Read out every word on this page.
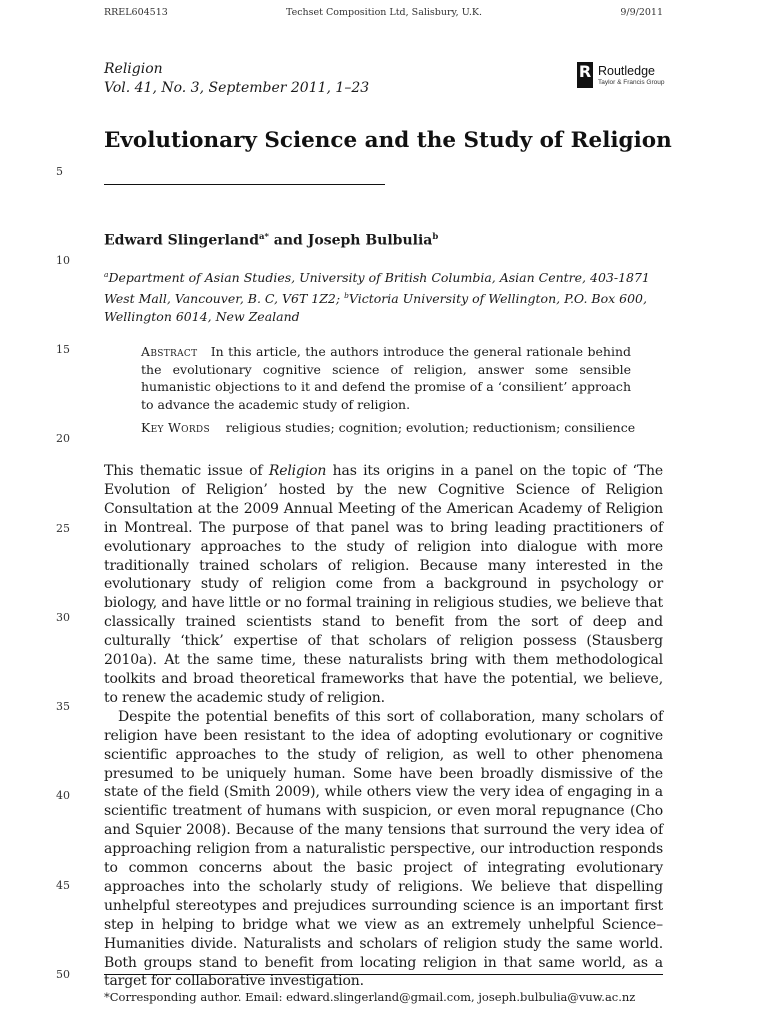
RREL604513	Techset Composition Ltd, Salisbury, U.K.	9/9/2011
Religion
Vol. 41, No. 3, September 2011, 1–23
R Routledge
Taylor & Francis Group
Evolutionary Science and the Study of Religion
Edward Slingerland$^{a*}$ and Joseph Bulbulia$^b$
$^a$Department of Asian Studies, University of British Columbia, Asian Centre, 403-1871 West Mall, Vancouver, B. C, V6T 1Z2; $^b$Victoria University of Wellington, P.O. Box 600, Wellington 6014, New Zealand
Abstract In this article, the authors introduce the general rationale behind the evolutionary cognitive science of religion, answer some sensible humanistic objections to it and defend the promise of a ‘consilient’ approach to advance the academic study of religion.
Key Words religious studies; cognition; evolution; reductionism; consilience

This thematic issue of Religion has its origins in a panel on the topic of ‘The Evolution of Religion’ hosted by the new Cognitive Science of Religion Consultation at the 2009 Annual Meeting of the American Academy of Religion in Montreal. The purpose of that panel was to bring leading practitioners of evolutionary approaches to the study of religion into dialogue with more traditionally trained scholars of religion. Because many interested in the evolutionary study of religion come from a background in psychology or biology, and have little or no formal training in religious studies, we believe that classically trained scientists stand to benefit from the sort of deep and culturally ‘thick’ expertise of that scholars of religion possess (Stausberg 2010a). At the same time, these naturalists bring with them methodological toolkits and broad theoretical frameworks that have the potential, we believe, to renew the academic study of religion.

Despite the potential benefits of this sort of collaboration, many scholars of religion have been resistant to the idea of adopting evolutionary or cognitive scientific approaches to the study of religion, as well to other phenomena presumed to be uniquely human. Some have been broadly dismissive of the state of the field (Smith 2009), while others view the very idea of engaging in a scientific treatment of humans with suspicion, or even moral repugnance (Cho and Squier 2008). Because of the many tensions that surround the very idea of approaching religion from a naturalistic perspective, our introduction responds to common concerns about the basic project of integrating evolutionary approaches into the scholarly study of religions. We believe that dispelling unhelpful stereotypes and prejudices surrounding science is an important first step in helping to bridge what we view as an extremely unhelpful Science–Humanities divide. Naturalists and scholars of religion study the same world. Both groups stand to benefit from locating religion in that same world, as a target for collaborative investigation.

*Corresponding author. Email: edward.slingerland@gmail.com, joseph.bulbulia@vuw.ac.nz
5
10
15
20
25
30
35
40
45
50
